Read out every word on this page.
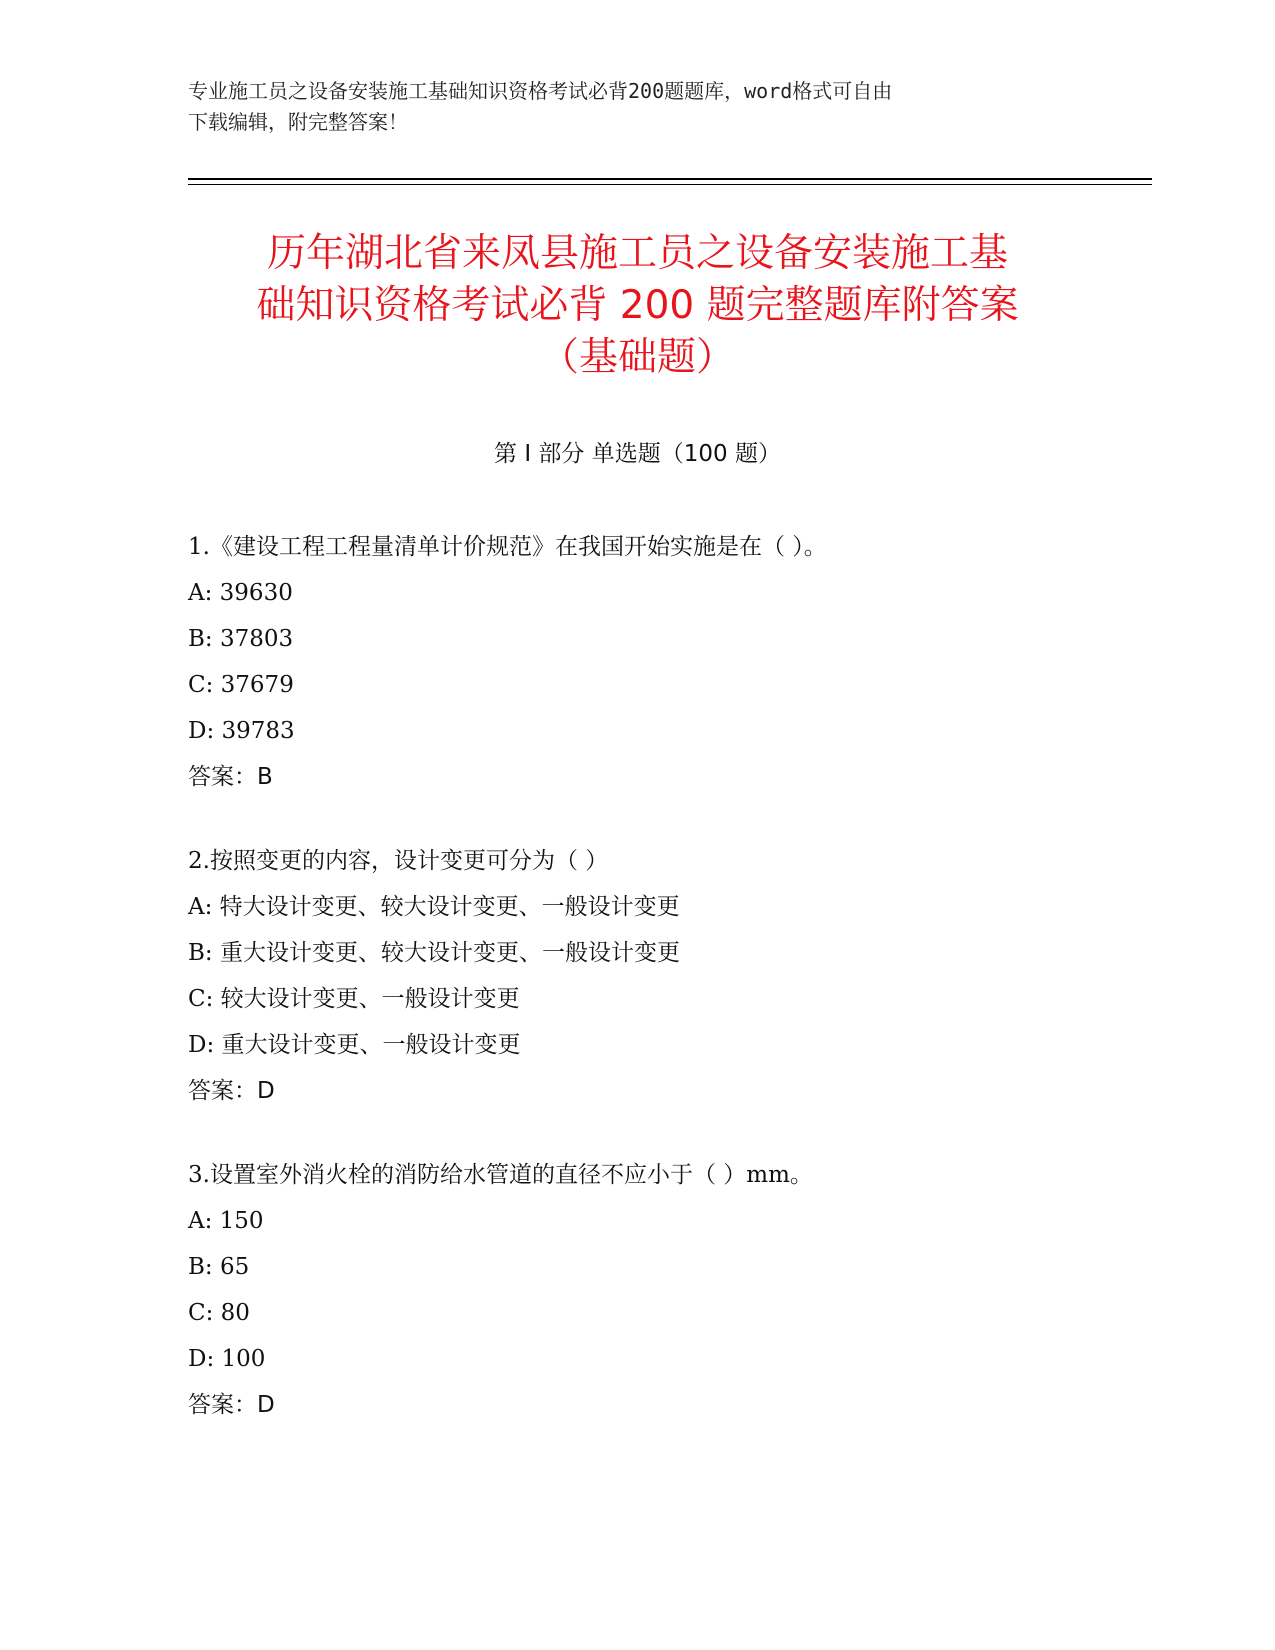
专业施工员之设备安装施工基础知识资格考试必背200题题库，word格式可自由
下载编辑，附完整答案！
历年湖北省来凤县施工员之设备安装施工基
础知识资格考试必背 200 题完整题库附答案
（基础题）
第 I 部分 单选题（100 题）
1.《建设工程工程量清单计价规范》在我国开始实施是在（ ）。
A: 39630
B: 37803
C: 37679
D: 39783
答案：B
2.按照变更的内容，设计变更可分为（ ）
A: 特大设计变更、较大设计变更、一般设计变更
B: 重大设计变更、较大设计变更、一般设计变更
C: 较大设计变更、一般设计变更
D: 重大设计变更、一般设计变更
答案：D
3.设置室外消火栓的消防给水管道的直径不应小于（ ）mm。
A: 150
B: 65
C: 80
D: 100
答案：D
